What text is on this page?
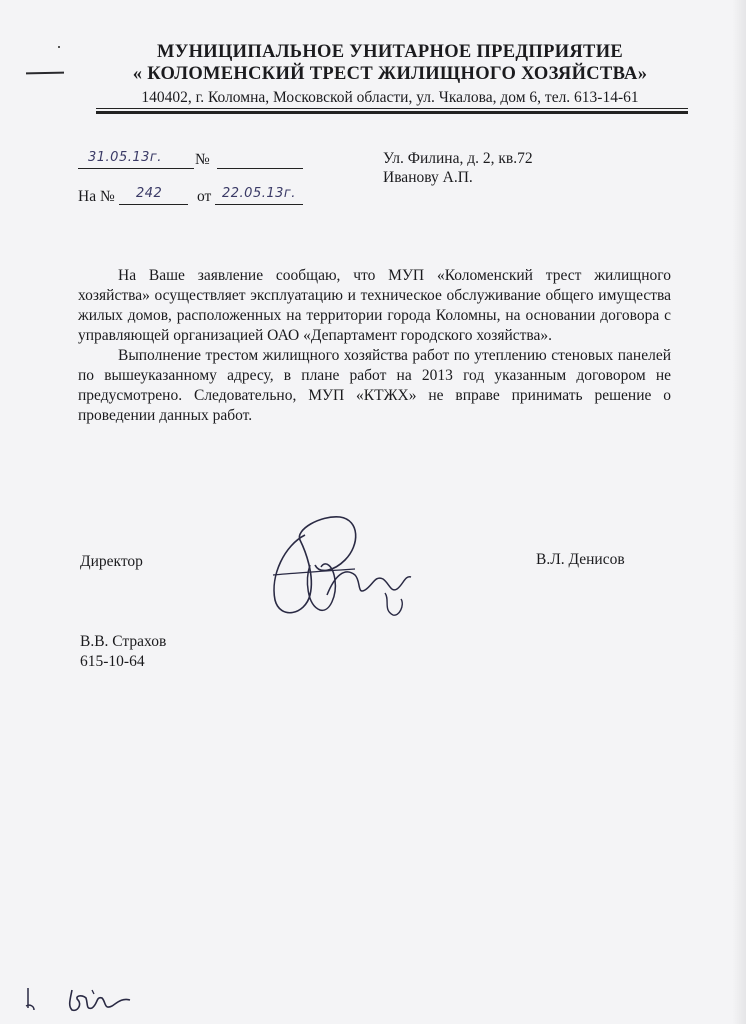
МУНИЦИПАЛЬНОЕ УНИТАРНОЕ ПРЕДПРИЯТИЕ
« КОЛОМЕНСКИЙ ТРЕСТ ЖИЛИЩНОГО ХОЗЯЙСТВА»
140402, г. Коломна, Московской области, ул. Чкалова, дом 6, тел. 613-14-61
31.05.13г. №
На № 242 от 22.05.13г.
Ул. Филина, д. 2, кв.72
Иванову А.П.

На Ваше заявление сообщаю, что МУП «Коломенский трест жилищного хозяйства» осуществляет эксплуатацию и техническое обслуживание общего имущества жилых домов, расположенных на территории города Коломны, на основании договора с управляющей организацией ОАО «Департамент городского хозяйства».

Выполнение трестом жилищного хозяйства работ по утеплению стеновых панелей по вышеуказанному адресу, в плане работ на 2013 год указанным договором не предусмотрено. Следовательно, МУП «КТЖХ» не вправе принимать решение о проведении данных работ.

Директор	В.Л. Денисов
В.В. Страхов
615-10-64
